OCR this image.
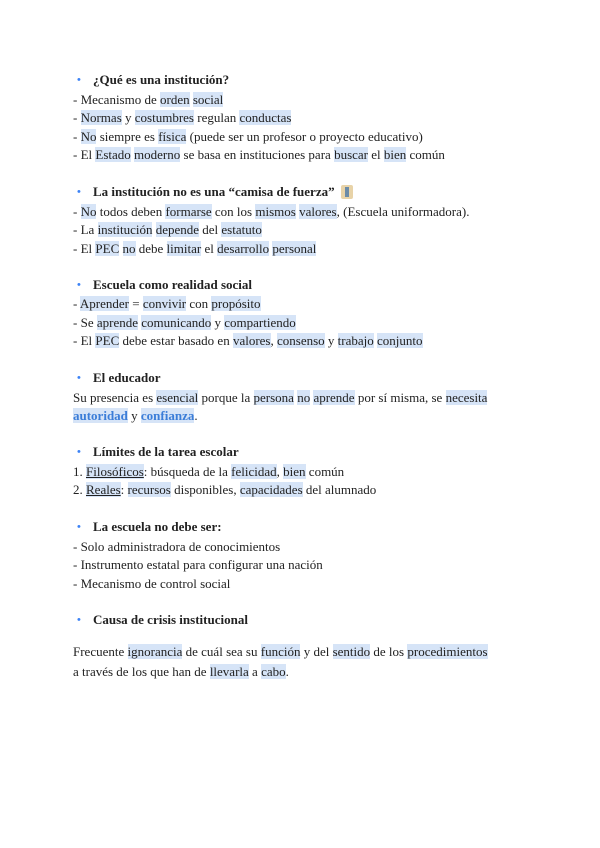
• ¿Qué es una institución?
- Mecanismo de orden social
- Normas y costumbres regulan conductas
- No siempre es física (puede ser un profesor o proyecto educativo)
- El Estado moderno se basa en instituciones para buscar el bien común
• La institución no es una “camisa de fuerza”
- No todos deben formarse con los mismos valores, (Escuela uniformadora).
- La institución depende del estatuto
- El PEC no debe limitar el desarrollo personal
• Escuela como realidad social
- Aprender = convivir con propósito
- Se aprende comunicando y compartiendo
- El PEC debe estar basado en valores, consenso y trabajo conjunto
• El educador
Su presencia es esencial porque la persona no aprende por sí misma, se necesita
autoridad y confianza.
• Límites de la tarea escolar
1. Filosóficos: búsqueda de la felicidad, bien común
2. Reales: recursos disponibles, capacidades del alumnado
• La escuela no debe ser:
- Solo administradora de conocimientos
- Instrumento estatal para configurar una nación
- Mecanismo de control social
• Causa de crisis institucional
Frecuente ignorancia de cuál sea su función y del sentido de los procedimientos
a través de los que han de llevarla a cabo.
